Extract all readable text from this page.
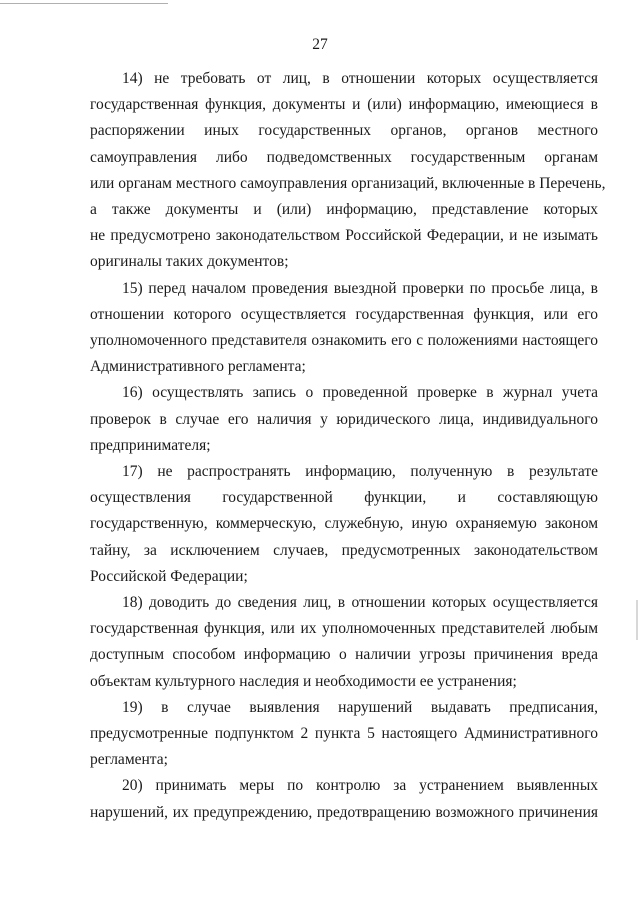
27
14) не требовать от лиц, в отношении которых осуществляется
государственная функция, документы и (или) информацию, имеющиеся в
распоряжении иных государственных органов, органов местного
самоуправления либо подведомственных государственным органам
или органам местного самоуправления организаций, включенные в Перечень,
а также документы и (или) информацию, представление которых
не предусмотрено законодательством Российской Федерации, и не изымать
оригиналы таких документов;
15) перед началом проведения выездной проверки по просьбе лица, в
отношении которого осуществляется государственная функция, или его
уполномоченного представителя ознакомить его с положениями настоящего
Административного регламента;
16) осуществлять запись о проведенной проверке в журнал учета
проверок в случае его наличия у юридического лица, индивидуального
предпринимателя;
17) не распространять информацию, полученную в результате
осуществления государственной функции, и составляющую
государственную, коммерческую, служебную, иную охраняемую законом
тайну, за исключением случаев, предусмотренных законодательством
Российской Федерации;
18) доводить до сведения лиц, в отношении которых осуществляется
государственная функция, или их уполномоченных представителей любым
доступным способом информацию о наличии угрозы причинения вреда
объектам культурного наследия и необходимости ее устранения;
19) в случае выявления нарушений выдавать предписания,
предусмотренные подпунктом 2 пункта 5 настоящего Административного
регламента;
20) принимать меры по контролю за устранением выявленных
нарушений, их предупреждению, предотвращению возможного причинения
